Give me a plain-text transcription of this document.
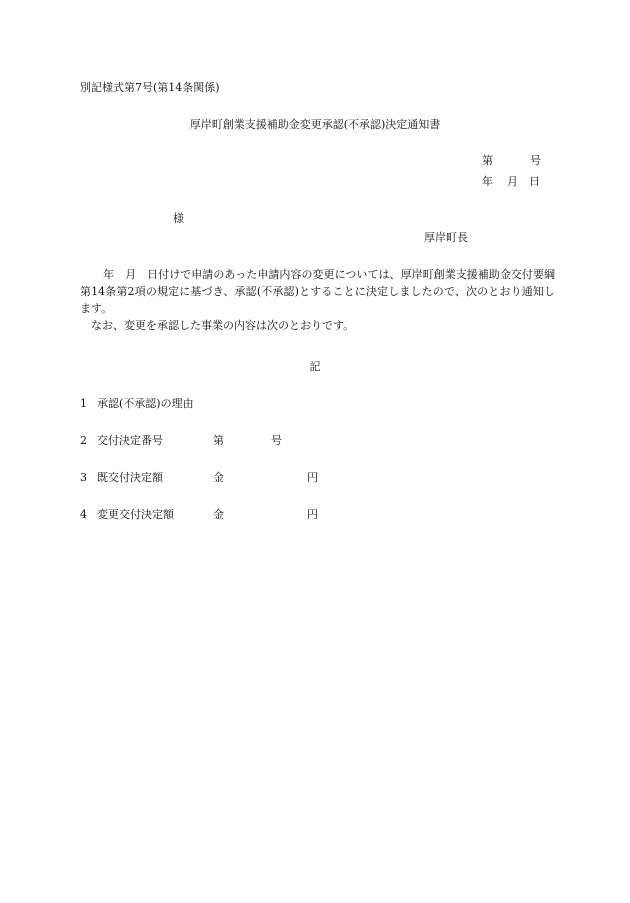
別記様式第7号(第14条関係)
厚岸町創業支援補助金変更承認(不承認)決定通知書
第	号
年 月 日
様
厚岸町長

年　月　日付けで申請のあった申請内容の変更については、厚岸町創業支援補助金交付要綱第14条第2項の規定に基づき、承認(不承認)とすることに決定しましたので、次のとおり通知します。

なお、変更を承認した事業の内容は次のとおりです。

記
1 承認(不承認)の理由
2 交付決定番号	第	号
3 既交付決定額	金	円
4 変更交付決定額	金	円
